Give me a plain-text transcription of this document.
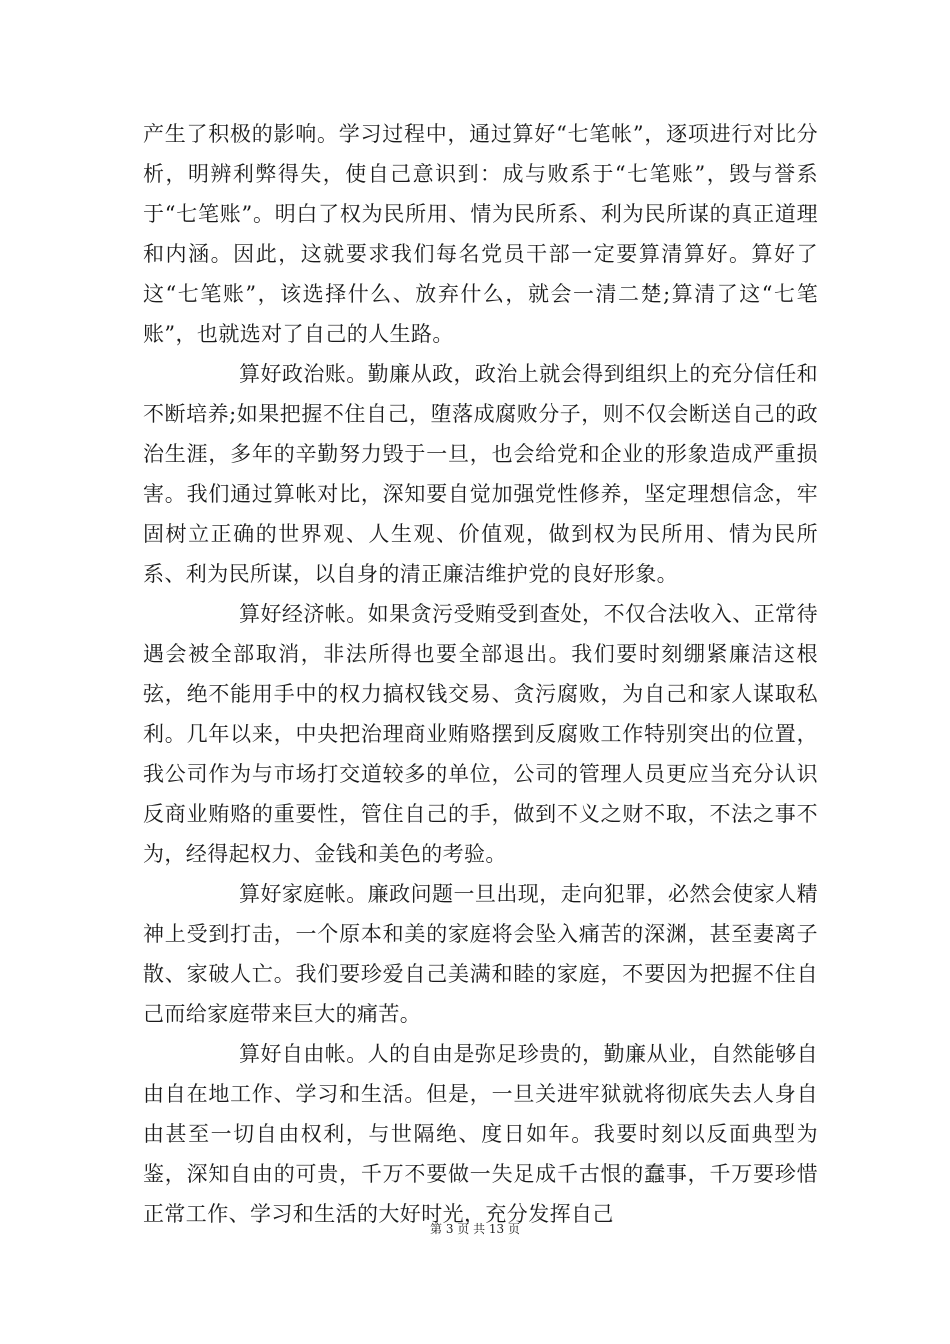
产生了积极的影响。学习过程中，通过算好“七笔帐”，逐项进行对比分析，明辨利弊得失，使自己意识到：成与败系于“七笔账”，毁与誉系于“七笔账”。明白了权为民所用、情为民所系、利为民所谋的真正道理和内涵。因此，这就要求我们每名党员干部一定要算清算好。算好了这“七笔账”，该选择什么、放弃什么，就会一清二楚;算清了这“七笔账”，也就选对了自己的人生路。

算好政治账。勤廉从政，政治上就会得到组织上的充分信任和不断培养;如果把握不住自己，堕落成腐败分子，则不仅会断送自己的政治生涯，多年的辛勤努力毁于一旦，也会给党和企业的形象造成严重损害。我们通过算帐对比，深知要自觉加强党性修养，坚定理想信念，牢固树立正确的世界观、人生观、价值观，做到权为民所用、情为民所系、利为民所谋，以自身的清正廉洁维护党的良好形象。

算好经济帐。如果贪污受贿受到查处，不仅合法收入、正常待遇会被全部取消，非法所得也要全部退出。我们要时刻绷紧廉洁这根弦，绝不能用手中的权力搞权钱交易、贪污腐败，为自己和家人谋取私利。几年以来，中央把治理商业贿赂摆到反腐败工作特别突出的位置，我公司作为与市场打交道较多的单位，公司的管理人员更应当充分认识反商业贿赂的重要性，管住自己的手，做到不义之财不取，不法之事不为，经得起权力、金钱和美色的考验。

算好家庭帐。廉政问题一旦出现，走向犯罪，必然会使家人精神上受到打击，一个原本和美的家庭将会坠入痛苦的深渊，甚至妻离子散、家破人亡。我们要珍爱自己美满和睦的家庭，不要因为把握不住自己而给家庭带来巨大的痛苦。

算好自由帐。人的自由是弥足珍贵的，勤廉从业，自然能够自由自在地工作、学习和生活。但是，一旦关进牢狱就将彻底失去人身自由甚至一切自由权利，与世隔绝、度日如年。我要时刻以反面典型为鉴，深知自由的可贵，千万不要做一失足成千古恨的蠢事，千万要珍惜正常工作、学习和生活的大好时光，充分发挥自己

第 3 页 共 13 页
